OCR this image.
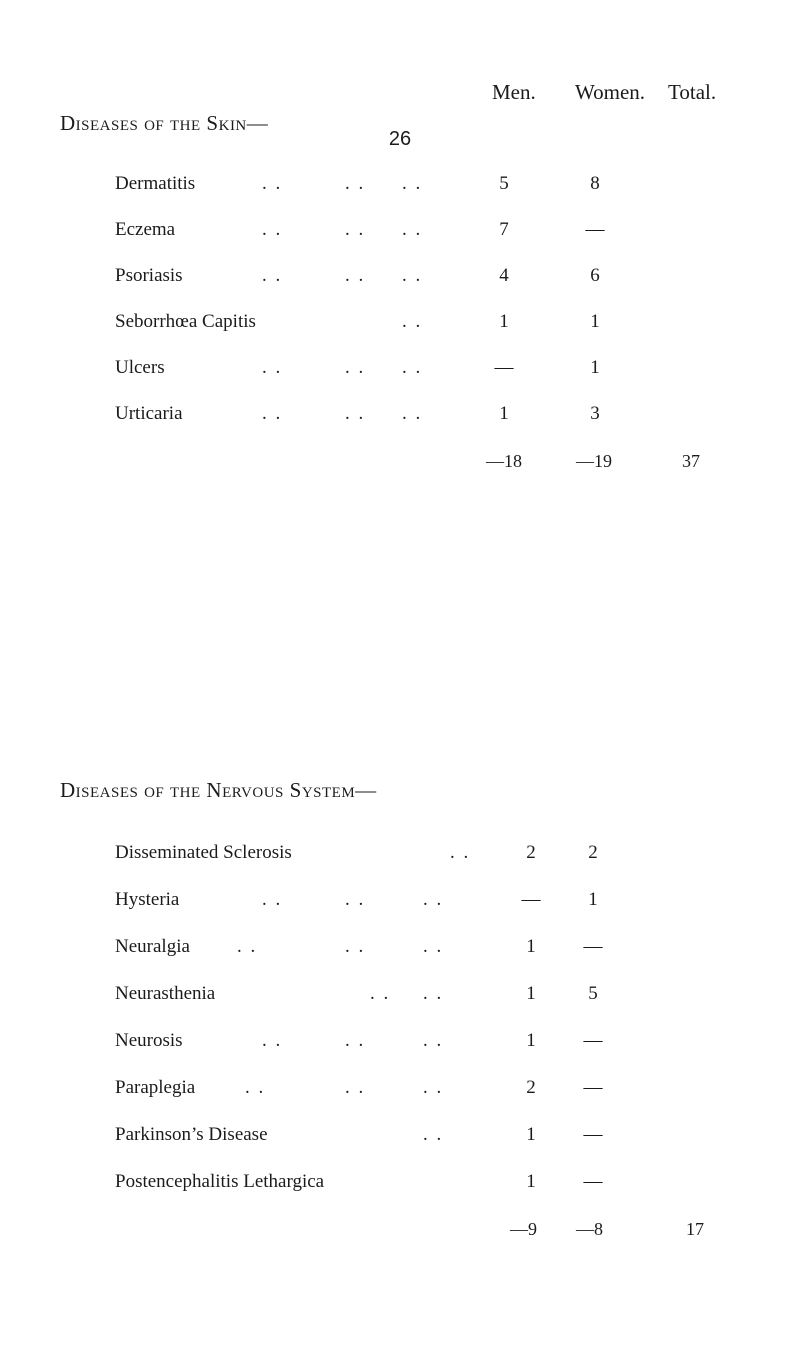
26
Men. Women. Total.
Diseases of the Skin—
Dermatitis	. .	. . . .	5	8
Eczema	. .	. . . .	7	—
Psoriasis	. .	. . . .	4	6
Seborrhœa Capitis	. .	1	1
Ulcers	. .	. . . .	—	1
Urticaria	. .	. . . .	1	3
—18	—19	37
Diseases of the Nervous System—
Disseminated Sclerosis	. .	2	2
Hysteria	. .	. .	. .	—	1
Neuralgia . .	. .	. .	1	—
Neurasthenia	. . . .	1	5
Neurosis	. .	. .	. .	1	—
Paraplegia	. .	. .	. .	2	—
Parkinson’s Disease	. .	1	—
Postencephalitis Lethargica	1	—
—9 —8	17
